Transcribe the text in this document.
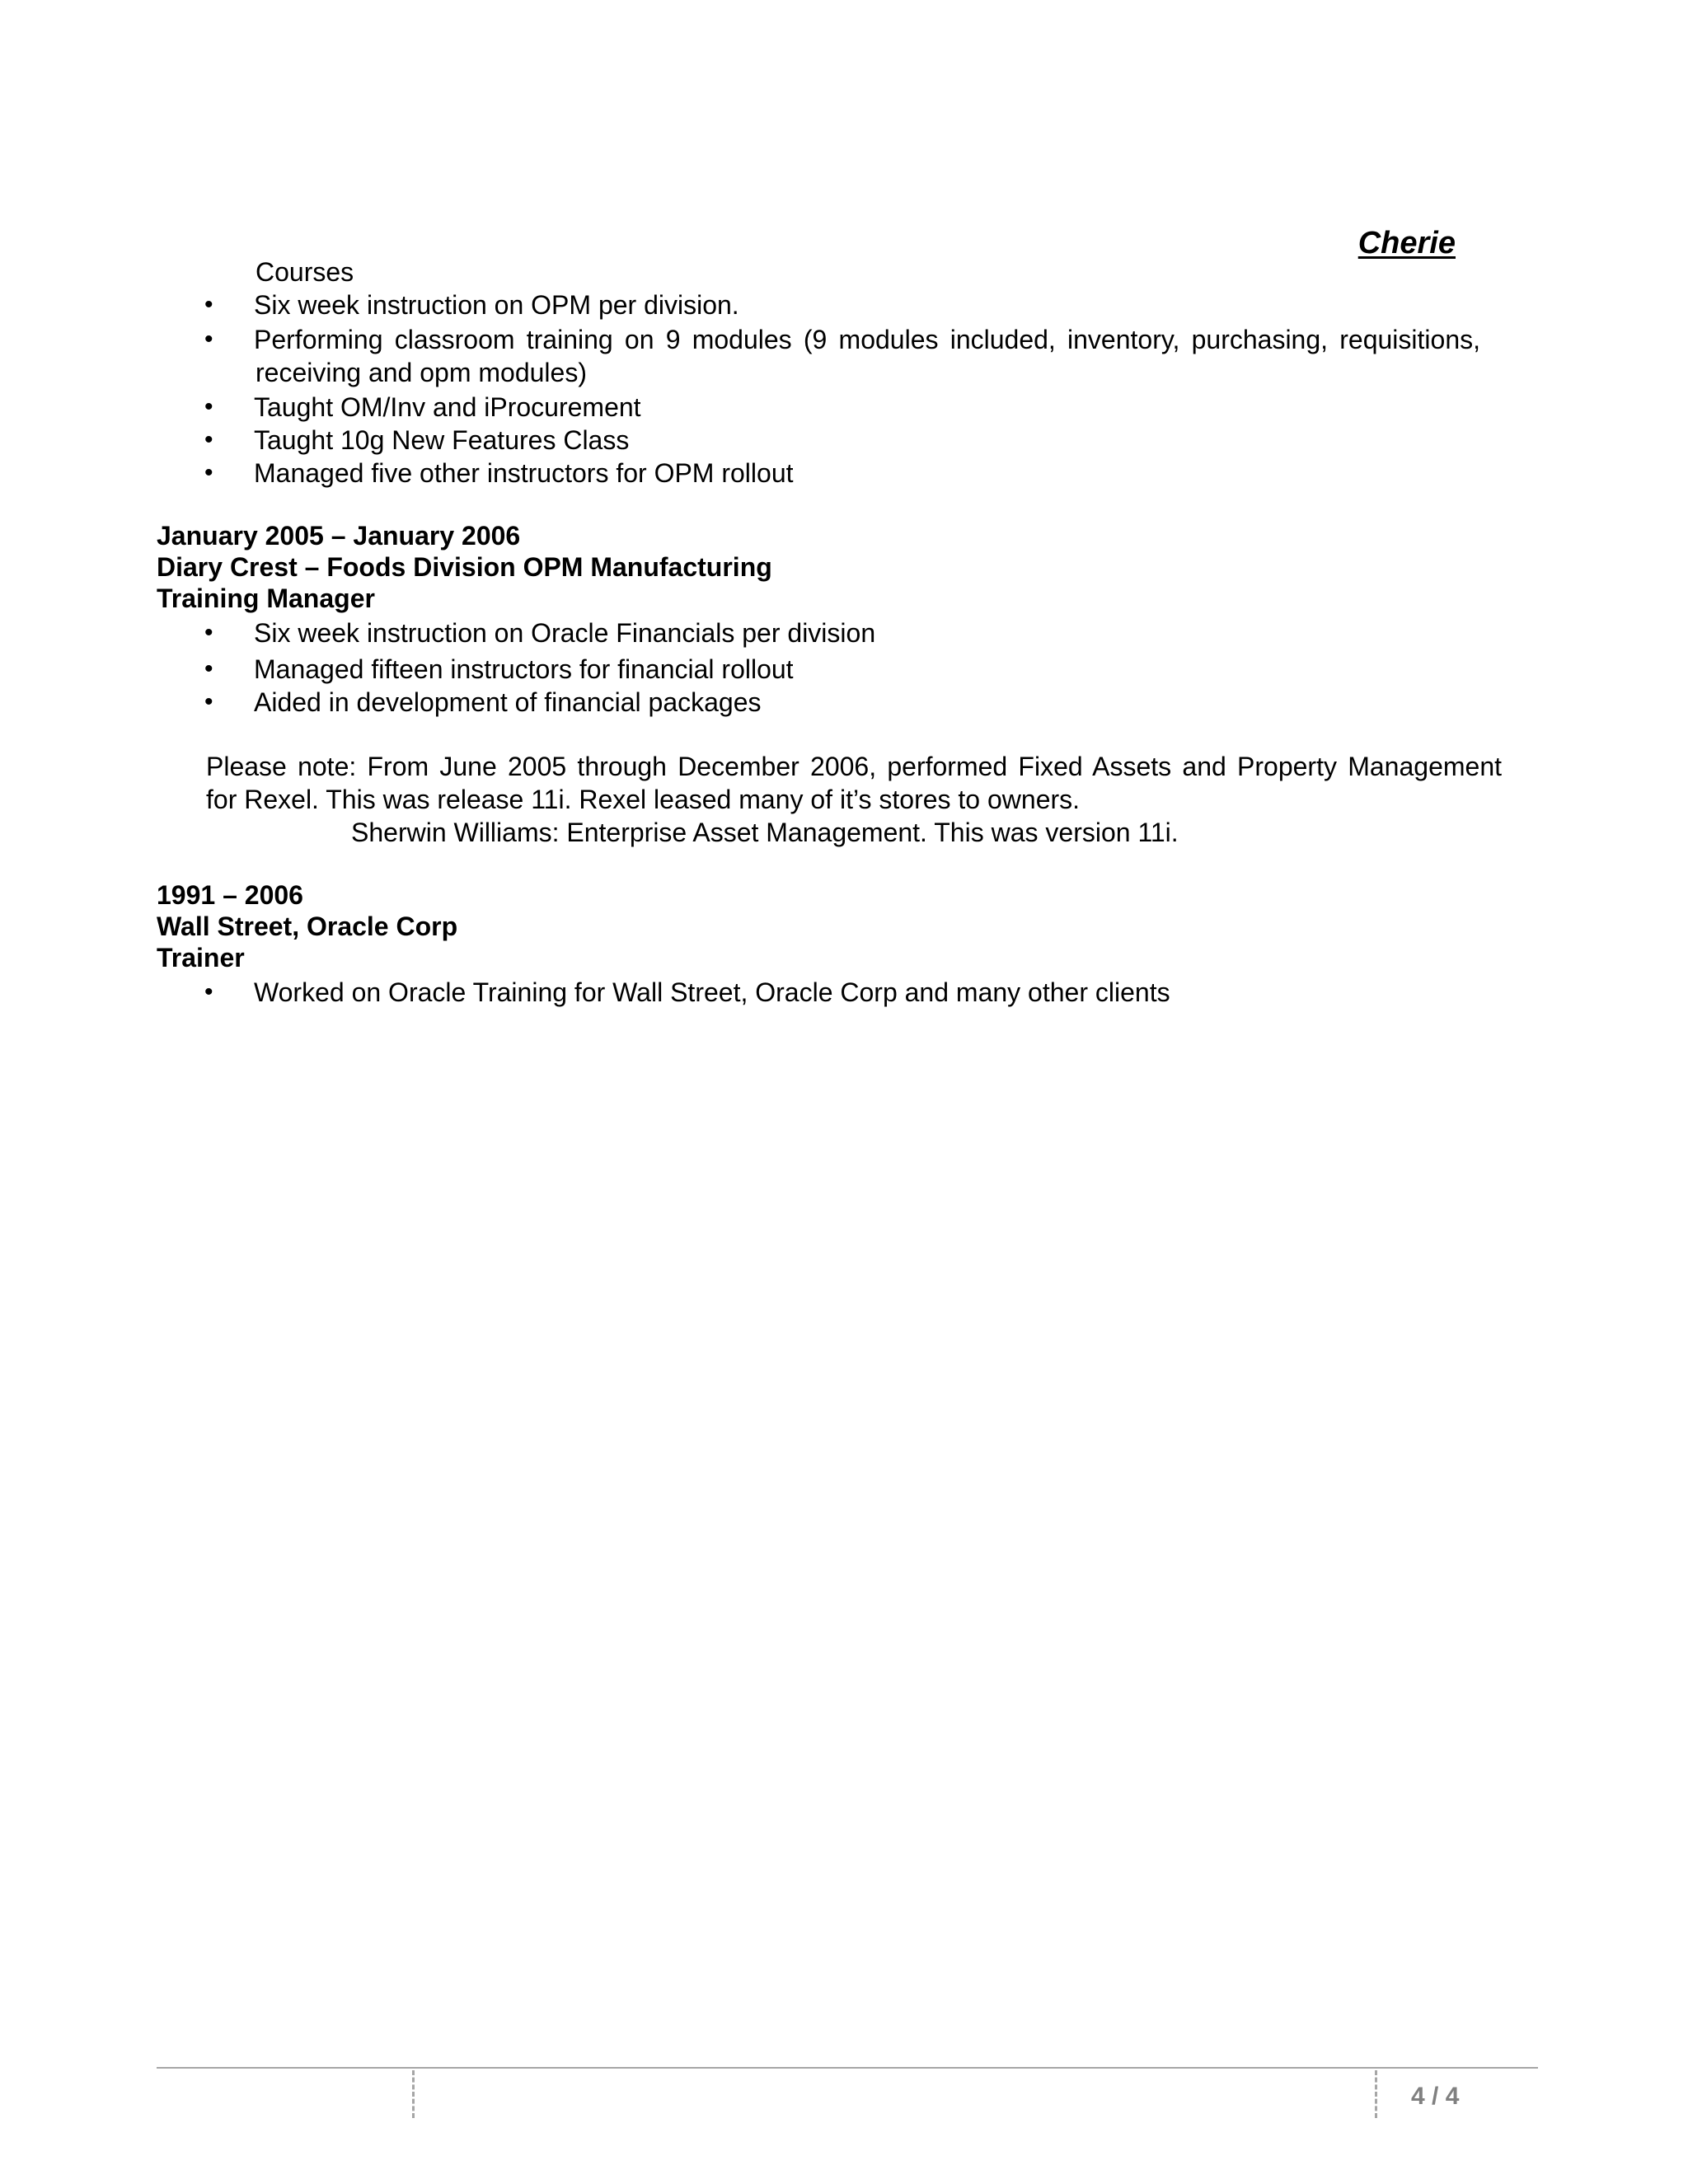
Cherie
Courses
• Six week instruction on OPM per division.
• Performing classroom training on 9 modules (9 modules included, inventory, purchasing, requisitions,
receiving and opm modules)
• Taught OM/Inv and iProcurement
• Taught 10g New Features Class
• Managed five other instructors for OPM rollout
January 2005 – January 2006
Diary Crest – Foods Division OPM Manufacturing
Training Manager
• Six week instruction on Oracle Financials per division
• Managed fifteen instructors for financial rollout
• Aided in development of financial packages
Please note: From June 2005 through December 2006, performed Fixed Assets and Property Management
for Rexel. This was release 11i. Rexel leased many of it’s stores to owners.
Sherwin Williams: Enterprise Asset Management. This was version 11i.
1991 – 2006
Wall Street, Oracle Corp
Trainer
• Worked on Oracle Training for Wall Street, Oracle Corp and many other clients
4 / 4
